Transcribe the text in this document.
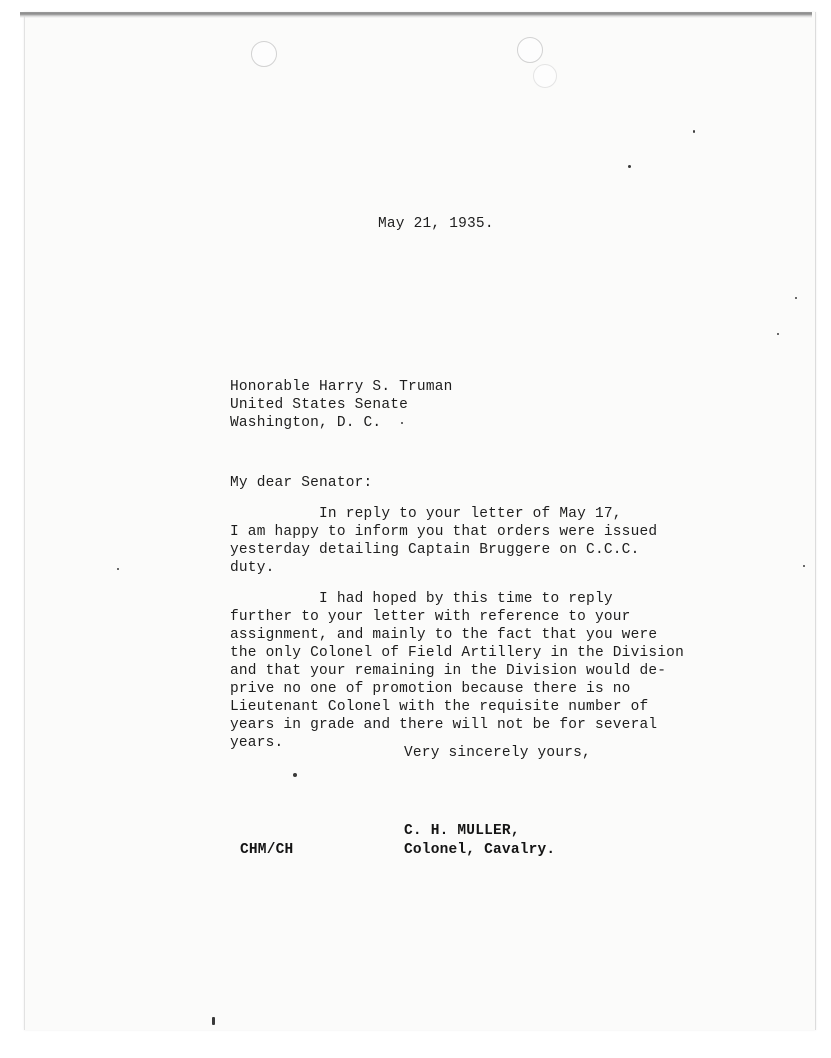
May 21, 1935.
Honorable Harry S. Truman
United States Senate
Washington, D. C.
My dear Senator:
In reply to your letter of May 17,
I am happy to inform you that orders were issued
yesterday detailing Captain Bruggere on C.C.C.
duty.
I had hoped by this time to reply
further to your letter with reference to your
assignment, and mainly to the fact that you were
the only Colonel of Field Artillery in the Division
and that your remaining in the Division would de-
prive no one of promotion because there is no
Lieutenant Colonel with the requisite number of
years in grade and there will not be for several
years.
Very sincerely yours,
C. H. MULLER,
Colonel, Cavalry.
CHM/CH
